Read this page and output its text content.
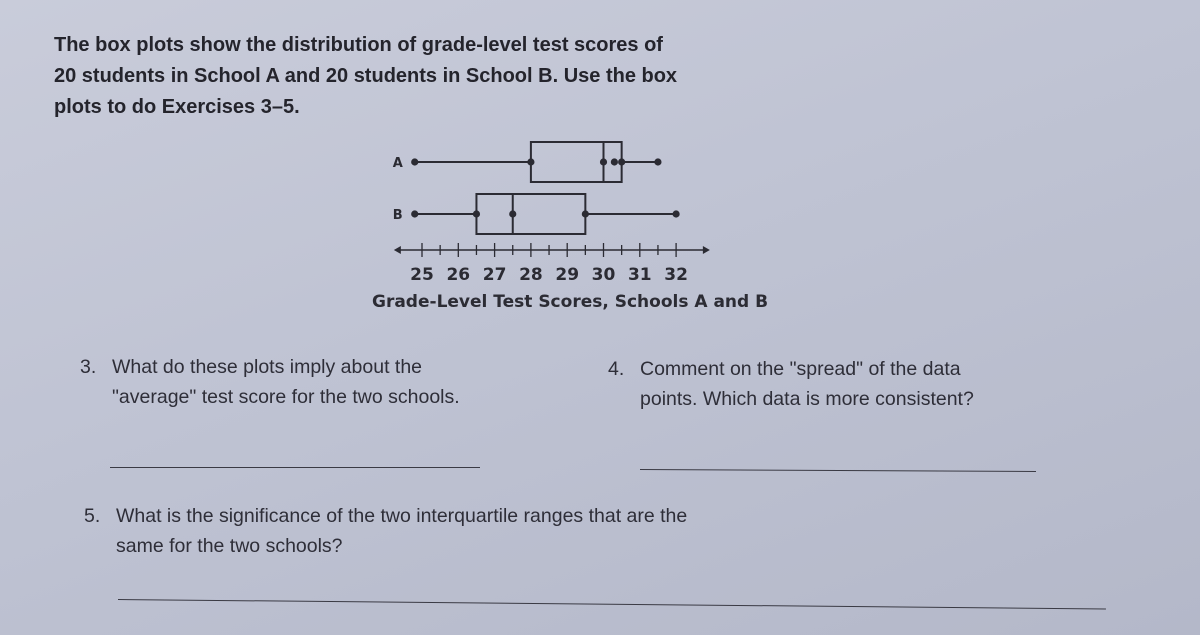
The box plots show the distribution of grade-level test scores of
20 students in School A and 20 students in School B. Use the box
plots to do Exercises 3–5.
A
B
25 26 27 28 29 30 31 32
Grade-Level Test Scores, Schools A and B
3. What do these plots imply about the
"average" test score for the two schools.
4. Comment on the "spread" of the data
points. Which data is more consistent?
5. What is the significance of the two interquartile ranges that are the
same for the two schools?
